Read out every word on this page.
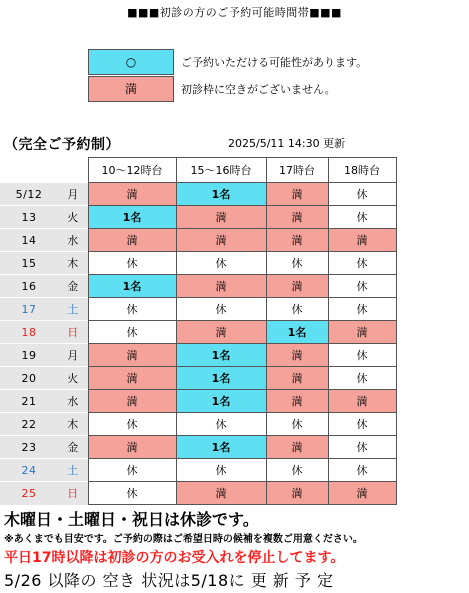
■■■初診の方のご予約可能時間帯■■■
○	ご予約いただける可能性があります。
満	初診枠に空きがございません。
（完全ご予約制）	2025/5/11 14:30 更新
		10～12時台	15～16時台	17時台	18時台
5/12	月	満	1名	満	休
13	火	1名	満	満	休
14	水	満	満	満	満
15	木	休	休	休	休
16	金	1名	満	満	休
17	土	休	休	休	休
18	日	休	満	1名	満
19	月	満	1名	満	休
20	火	満	1名	満	休
21	水	満	1名	満	満
22	木	休	休	休	休
23	金	満	1名	満	休
24	土	休	休	休	休
25	日	休	満	満	満
木曜日・土曜日・祝日は休診です。
※あくまでも目安です。ご予約の際はご希望日時の候補を複数ご用意ください。
平日17時以降は初診の方のお受入れを停止してます。
5/26 以降の 空き 状況は5/18に 更 新 予 定
